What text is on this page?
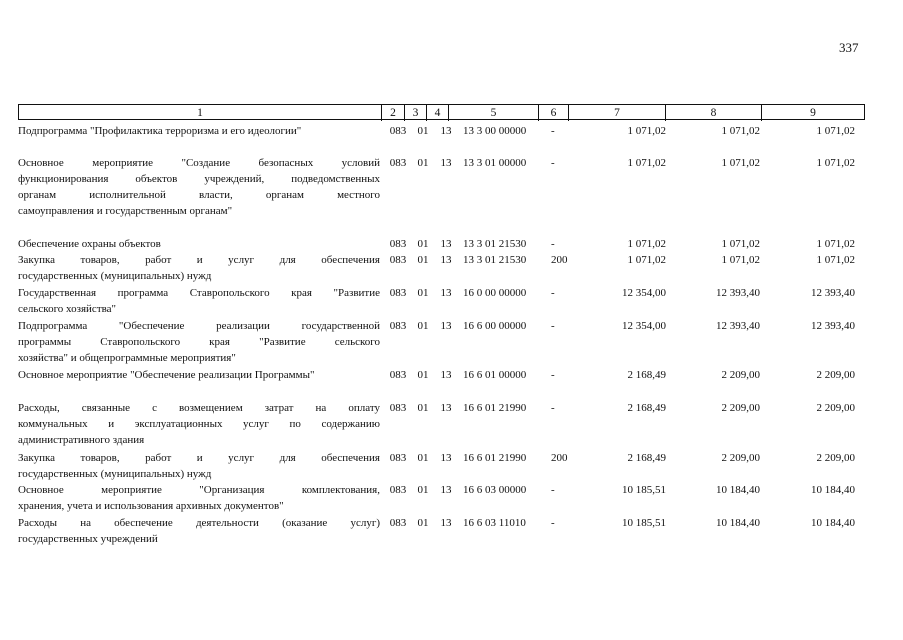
337
1	2	3	4	5	6	7	8	9
Подпрограмма "Профилактика терроризма и его идеологии"	083	01	13	13 3 00 00000	-	1 071,02	1 071,02	1 071,02
Основное мероприятие "Создание безопасных условий
функционирования объектов учреждений, подведомственных
органам исполнительной власти, органам местного
самоуправления и государственным органам"
083	01	13	13 3 01 00000	-	1 071,02	1 071,02	1 071,02
Обеспечение охраны объектов	083	01	13	13 3 01 21530	-	1 071,02	1 071,02	1 071,02
Закупка товаров, работ и услуг для обеспечения
государственных (муниципальных) нужд
083	01	13	13 3 01 21530	200	1 071,02	1 071,02	1 071,02
Государственная программа Ставропольского края "Развитие
сельского хозяйства"
083	01	13	16 0 00 00000	-	12 354,00	12 393,40	12 393,40
Подпрограмма "Обеспечение реализации государственной
программы Ставропольского края "Развитие сельского
хозяйства" и общепрограммные мероприятия"
083	01	13	16 6 00 00000	-	12 354,00	12 393,40	12 393,40
Основное мероприятие "Обеспечение реализации Программы"	083	01	13	16 6 01 00000	-	2 168,49	2 209,00	2 209,00
Расходы, связанные с возмещением затрат на оплату
коммунальных и эксплуатационных услуг по содержанию
административного здания
083	01	13	16 6 01 21990	-	2 168,49	2 209,00	2 209,00
Закупка товаров, работ и услуг для обеспечения
государственных (муниципальных) нужд
083	01	13	16 6 01 21990	200	2 168,49	2 209,00	2 209,00
Основное мероприятие "Организация комплектования,
хранения, учета и использования архивных документов"
083	01	13	16 6 03 00000	-	10 185,51	10 184,40	10 184,40
Расходы на обеспечение деятельности (оказание услуг)
государственных учреждений
083	01	13	16 6 03 11010	-	10 185,51	10 184,40	10 184,40
